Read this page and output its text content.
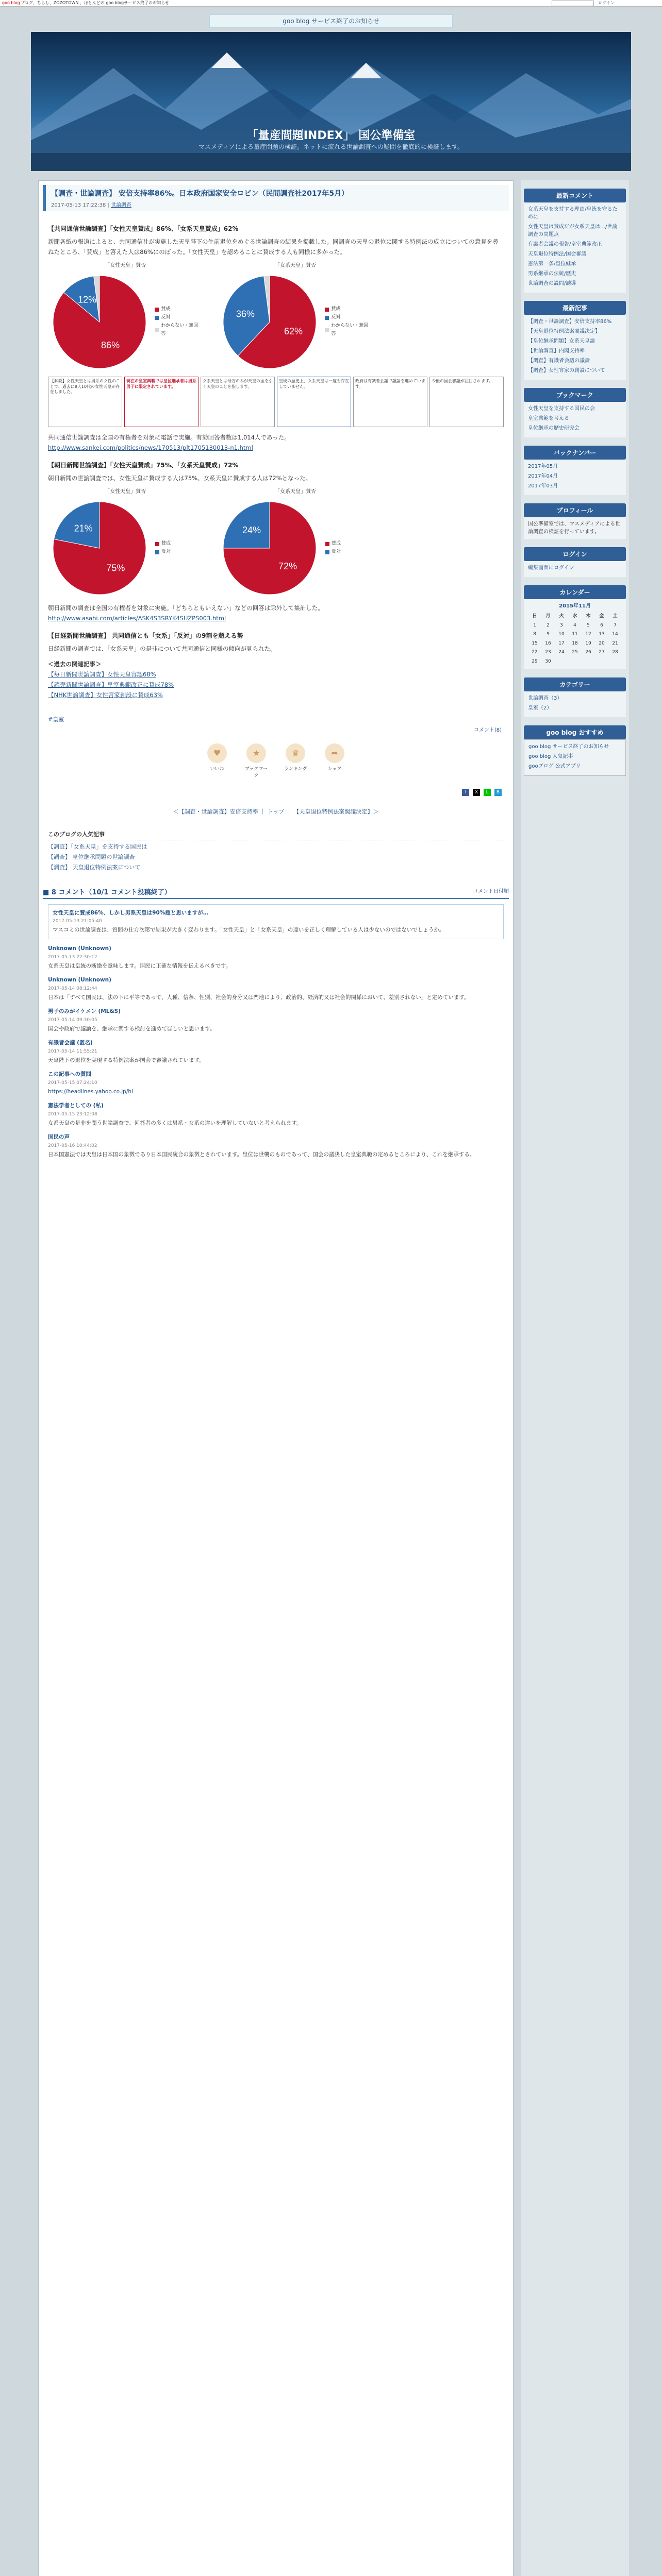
goo blog ブログ、ちらし、ZOZOTOWN 、ほとんどの goo blogサービス終了のお知らせ	ログイン
goo blog サービス終了のお知らせ
「量産間題INDEX」 国公準備室
マスメディアによる量産問題の検証。ネットに流れる世論調査への疑問を徹底的に検証します。
【調査・世論調査】 安倍支持率86%。日本政府国家安全ロビン（民間調査社2017年5月）
2017-05-13 17:22:38 | 世論調査
【共同通信世論調査】「女性天皇賛成」86%、「女系天皇賛成」62%
新聞各紙の報道によると、共同通信社が実施した天皇陛下の生前退位をめぐる世論調査の結果を掲載した。同調査の天皇の退位に関する特例法の成立についての意見を尋ねたところ、「賛成」と答えた人は86%にのぼった。「女性天皇」を認めることに賛成する人も同様に多かった。
「女性天皇」賛否
86%
12%
賛成
反対
わからない・無回答
「女系天皇」賛否
62%
36%	賛成
反対
わからない・無回答
【解説】女性天皇とは男系の女性のことで、過去に8人10代の女性天皇が存在しました。
現在の皇室典範では皇位継承者は男系男子に限定されています。
女系天皇とは母方のみが天皇の血を引く天皇のことを指します。
皇統の歴史上、女系天皇は一度も存在していません。
政府は有識者会議で議論を進めています。
今後の国会審議が注目されます。
共同通信世論調査は全国の有権者を対象に電話で実施。有効回答者数は1,014人であった。
http://www.sankei.com/politics/news/170513/plt1705130013-n1.html
【朝日新聞世論調査】「女性天皇賛成」75%、「女系天皇賛成」72%
朝日新聞の世論調査では、女性天皇に賛成する人は75%、女系天皇に賛成する人は72%となった。
「女性天皇」賛否
75%
21%
賛成
反対
「女系天皇」賛否
72%
24%
賛成
反対
朝日新聞の調査は全国の有権者を対象に実施。「どちらともいえない」などの回答は除外して集計した。
http://www.asahi.com/articles/ASK4S3SRYK4SUZPS003.html
【日経新聞世論調査】 共同通信とも「女系」「反対」の9割を超える勢
日経新聞の調査では、「女系天皇」の是非について共同通信と同様の傾向が見られた。
＜過去の関連記事＞
【毎日新聞世論調査】女性天皇容認68%
【読売新聞世論調査】皇室典範改正に賛成78%
【NHK世論調査】女性宮家創設に賛成63%
#皇室
コメント(8)
♥
いいね
★
ブックマーク
♛
ランキング
➦
シェア
f X L B
＜【調査・世論調査】安倍支持率 ｜ トップ ｜ 【天皇退位特例法案閣議決定】＞
このブログの人気記事
【調査】「女系天皇」を支持する国民は
【調査】 皇位継承問題の世論調査
【調査】 天皇退位特例法案について
■ 8 コメント（10/1 コメント投稿終了）	コメント日付順
女性天皇に賛成86%、しかし男系天皇は90%超と思いますが…
2017-05-13 21:05:40
マスコミの世論調査は、質問の仕方次第で結果が大きく変わります。「女性天皇」と「女系天皇」の違いを正しく理解している人は少ないのではないでしょうか。
Unknown (Unknown)
2017-05-13 22:30:12
女系天皇は皇統の断絶を意味します。国民に正確な情報を伝えるべきです。
Unknown (Unknown)
2017-05-14 08:12:44
日本は「すべて国民は、法の下に平等であって、人種、信条、性別、社会的身分又は門地により、政治的、経済的又は社会的関係において、差別されない」と定めています。
男子のみがイケメン (ML&S)
2017-05-14 09:30:05
国会や政府で議論を、継承に関する検討を進めてほしいと思います。
有識者会議 (匿名)
2017-05-14 11:55:21
天皇陛下の退位を実現する特例法案が国会で審議されています。
この記事への質問
2017-05-15 07:24:10
https://headlines.yahoo.co.jp/hl
憲法学者としての (私)
2017-05-15 23:12:08
女系天皇の是非を問う世論調査で、回答者の多くは男系・女系の違いを理解していないと考えられます。
国民の声
2017-05-16 10:44:02
日本国憲法では天皇は日本国の象徴であり日本国民統合の象徴とされています。皇位は世襲のものであって、国会の議決した皇室典範の定めるところにより、これを継承する。
最新コメント
女系天皇を支持する理由/皇統を守るために
女性天皇は賛成だが女系天皇は…/世論調査の問題点
有識者会議の報告/皇室典範改正
天皇退位特例法/国会審議
憲法第一条/皇位継承
男系継承の伝統/歴史
世論調査の設問/誘導
最新記事
【調査・世論調査】安倍支持率86%
【天皇退位特例法案閣議決定】
【皇位継承問題】女系天皇論
【世論調査】内閣支持率
【調査】有識者会議の議論
【調査】女性宮家の創設について
ブックマーク
女性天皇を支持する国民の会
皇室典範を考える
皇位継承の歴史研究会
バックナンバー
2017年05月
2017年04月
2017年03月
プロフィール
国公準備室では、マスメディアによる世論調査の検証を行っています。
ログイン
編集画面にログイン
カレンダー
2015年11月
日	月	火	水	木	金	土
1	2	3	4	5	6	7
8	9	10	11	12	13	14
15	16	17	18	19	20	21
22	23	24	25	26	27	28
29	30					
カテゴリー
世論調査（3）
皇室（2）
goo blog おすすめ
goo blog サービス終了のお知らせ
goo blog 人気記事
gooブログ 公式アプリ
